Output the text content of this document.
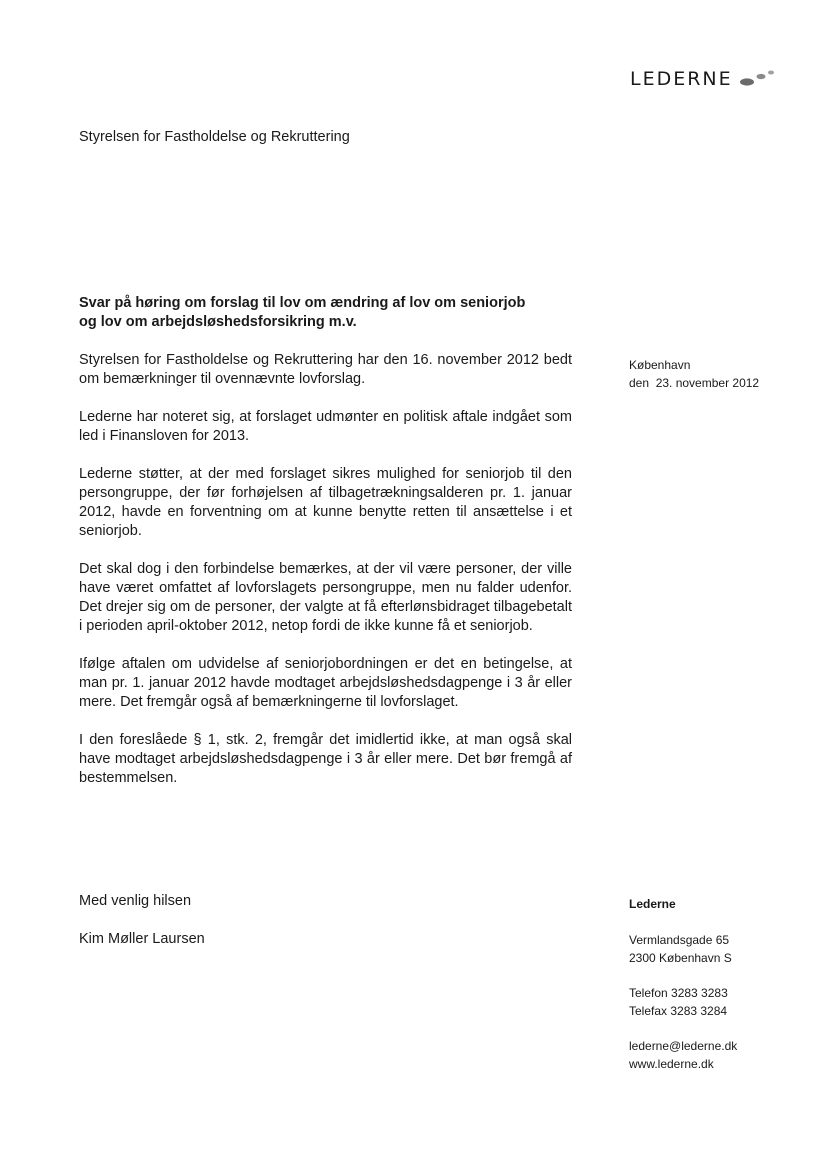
LEDERNE
Styrelsen for Fastholdelse og Rekruttering
Svar på høring om forslag til lov om ændring af lov om seniorjob
og lov om arbejdsløshedsforsikring m.v.
København
den  23. november 2012

Styrelsen for Fastholdelse og Rekruttering har den 16. november 2012 bedt om bemærkninger til ovennævnte lovforslag.

Lederne har noteret sig, at forslaget udmønter en politisk aftale indgået som led i Finansloven for 2013.

Lederne støtter, at der med forslaget sikres mulighed for seniorjob til den persongruppe, der før forhøjelsen af tilbagetrækningsalderen pr. 1. januar 2012, havde en forventning om at kunne benytte retten til ansættelse i et seniorjob.

Det skal dog i den forbindelse bemærkes, at der vil være personer, der ville have været omfattet af lovforslagets persongruppe, men nu falder udenfor. Det drejer sig om de personer, der valgte at få efterlønsbidraget tilbagebetalt i perioden april-oktober 2012, netop fordi de ikke kunne få et seniorjob.

Ifølge aftalen om udvidelse af seniorjobordningen er det en betingelse, at man pr. 1. januar 2012 havde modtaget arbejdsløshedsdagpenge i 3 år eller mere. Det fremgår også af bemærkningerne til lovforslaget.

I den foreslåede § 1, stk. 2, fremgår det imidlertid ikke, at man også skal have modtaget arbejdsløshedsdagpenge i 3 år eller mere. Det bør fremgå af bestemmelsen.

Med venlig hilsen
Kim Møller Laursen
Lederne
Vermlandsgade 65
2300 København S
Telefon 3283 3283
Telefax 3283 3284
lederne@lederne.dk
www.lederne.dk
